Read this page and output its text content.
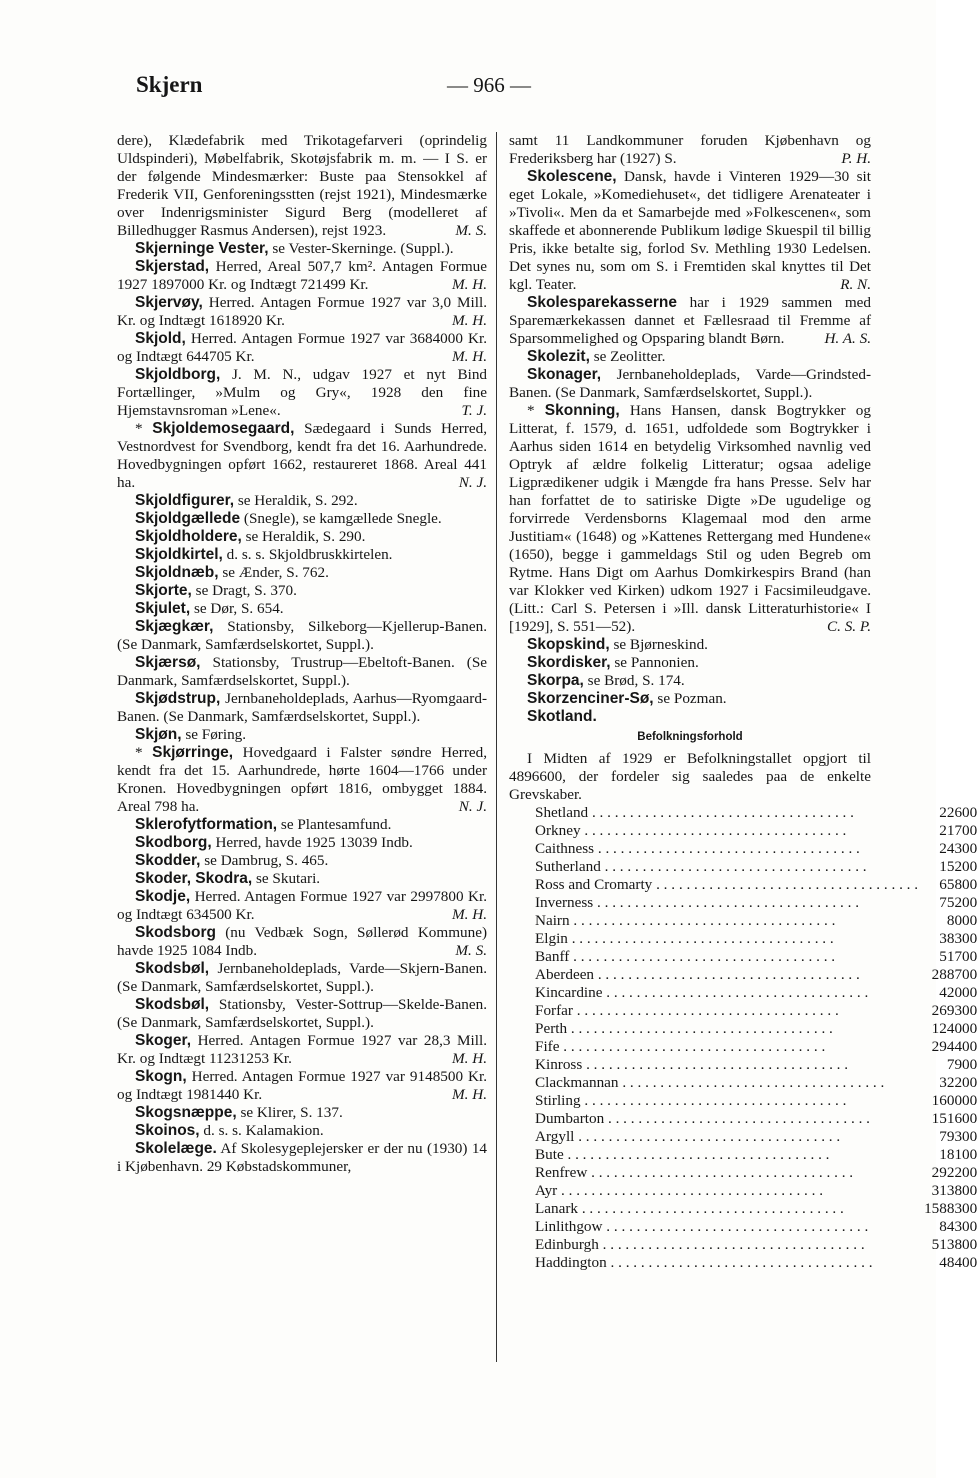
Skjern	— 966 —

dere), Klædefabrik med Trikotagefarveri (oprindelig Uldspinderi), Møbelfabrik, Skotøjsfabrik m. m. — I S. er der følgende Mindesmærker: Buste paa Stensokkel af Frederik VII, Genforeningsstten (rejst 1921), Mindesmærke over Indenrigsminister Sigurd Berg (modelleret af Billedhugger Rasmus Andersen), rejst 1923.	M. S.

Skjerninge Vester, se Vester-Skerninge. (Suppl.).

Skjerstad, Herred, Areal 507,7 km². Antagen Formue 1927 1897000 Kr. og Indtægt 721499 Kr.	M. H.

Skjervøy, Herred. Antagen Formue 1927 var 3,0 Mill. Kr. og Indtægt 1618920 Kr.	M. H.

Skjold, Herred. Antagen Formue 1927 var 3684000 Kr. og Indtægt 644705 Kr.	M. H.

Skjoldborg, J. M. N., udgav 1927 et nyt Bind Fortællinger, »Mulm og Gry«, 1928 den fine Hjemstavnsroman »Lene«.	T. J.

* Skjoldemosegaard, Sædegaard i Sunds Herred, Vestnordvest for Svendborg, kendt fra det 16. Aarhundrede. Hovedbygningen opført 1662, restaureret 1868. Areal 441 ha.	N. J.

Skjoldfigurer, se Heraldik, S. 292.

Skjoldgællede (Snegle), se kamgællede Snegle.

Skjoldholdere, se Heraldik, S. 290.

Skjoldkirtel, d. s. s. Skjoldbruskkirtelen.

Skjoldnæb, se Ænder, S. 762.

Skjorte, se Dragt, S. 370.

Skjulet, se Dør, S. 654.

Skjægkær, Stationsby, Silkeborg—Kjellerup-Banen. (Se Danmark, Samfærdselskortet, Suppl.).

Skjærsø, Stationsby, Trustrup—Ebeltoft-Banen. (Se Danmark, Samfærdselskortet, Suppl.).

Skjødstrup, Jernbaneholdeplads, Aarhus—Ryomgaard-Banen. (Se Danmark, Samfærdselskortet, Suppl.).

Skjøn, se Føring.

* Skjørringe, Hovedgaard i Falster søndre Herred, kendt fra det 15. Aarhundrede, hørte 1604—1766 under Kronen. Hovedbygningen opført 1816, ombygget 1884. Areal 798 ha.	N. J.

Sklerofytformation, se Plantesamfund.

Skodborg, Herred, havde 1925 13039 Indb.

Skodder, se Dambrug, S. 465.

Skoder, Skodra, se Skutari.

Skodje, Herred. Antagen Formue 1927 var 2997800 Kr. og Indtægt 634500 Kr.	M. H.

Skodsborg (nu Vedbæk Sogn, Søllerød Kommune) havde 1925 1084 Indb.	M. S.

Skodsbøl, Jernbaneholdeplads, Varde—Skjern-Banen. (Se Danmark, Samfærdselskortet, Suppl.).

Skodsbøl, Stationsby, Vester-Sottrup—Skelde-Banen. (Se Danmark, Samfærdselskortet, Suppl.).

Skoger, Herred. Antagen Formue 1927 var 28,3 Mill. Kr. og Indtægt 11231253 Kr.	M. H.

Skogn, Herred. Antagen Formue 1927 var 9148500 Kr. og Indtægt 1981440 Kr.	M. H.

Skogsnæppe, se Klirer, S. 137.

Skoinos, d. s. s. Kalamakion.

Skolelæge. Af Skolesygeplejersker er der nu (1930) 14 i Kjøbenhavn. 29 Købstadskommuner,

samt 11 Landkommuner foruden Kjøbenhavn og Frederiksberg har (1927) S.	P. H.

Skolescene, Dansk, havde i Vinteren 1929—30 sit eget Lokale, »Komediehuset«, det tidligere Arenateater i »Tivoli«. Men da et Samarbejde med »Folkescenen«, som skaffede et abonnerende Publikum lødige Skuespil til billig Pris, ikke betalte sig, forlod Sv. Methling 1930 Ledelsen. Det synes nu, som om S. i Fremtiden skal knyttes til Det kgl. Teater.	R. N.

Skolesparekasserne har i 1929 sammen med Sparemærkekassen dannet et Fællesraad til Fremme af Sparsommelighed og Opsparing blandt Børn.	H. A. S.

Skolezit, se Zeolitter.

Skonager, Jernbaneholdeplads, Varde—Grindsted-Banen. (Se Danmark, Samfærdselskortet, Suppl.).

* Skonning, Hans Hansen, dansk Bogtrykker og Litterat, f. 1579, d. 1651, udfoldede som Bogtrykker i Aarhus siden 1614 en betydelig Virksomhed navnlig ved Optryk af ældre folkelig Litteratur; ogsaa adelige Ligprædikener udgik i Mængde fra hans Presse. Selv har han forfattet de to satiriske Digte »De ugudelige og forvirrede Verdensborns Klagemaal mod den arme Justitiam« (1648) og »Kattenes Rettergang med Hundene« (1650), begge i gammeldags Stil og uden Begreb om Rytme. Hans Digt om Aarhus Domkirkespirs Brand (han var Klokker ved Kirken) udkom 1927 i Facsimileudgave. (Litt.: Carl S. Petersen i »Ill. dansk Litteraturhistorie« I [1929], S. 551—52).	C. S. P.

Skopskind, se Bjørneskind.

Skordisker, se Pannonien.

Skorpa, se Brød, S. 174.

Skorzenciner-Sø, se Pozman.

Skotland.

Befolkningsforhold

I Midten af 1929 er Befolkningstallet opgjort til 4896600, der fordeler sig saaledes paa de enkelte Grevskaber.

Shetland . . .	22600
Orkney . . .	21700
Caithness . . .	24300
Sutherland . . .	15200
Ross and Cromarty . . .	65800
Inverness . . .	75200
Nairn . . .	8000
Elgin . . .	38300
Banff . . .	51700
Aberdeen . . .	288700
Kincardine . . .	42000
Forfar . . .	269300
Perth . . .	124000
Fife . . .	294400
Kinross . . .	7900
Clackmannan . . .	32200
Stirling . . .	160000
Dumbarton . . .	151600
Argyll . . .	79300
Bute . . .	18100
Renfrew . . .	292200
Ayr . . .	313800
Lanark . . .	1588300
Linlithgow . . .	84300
Edinburgh . . .	513800
Haddington . . .	48400
